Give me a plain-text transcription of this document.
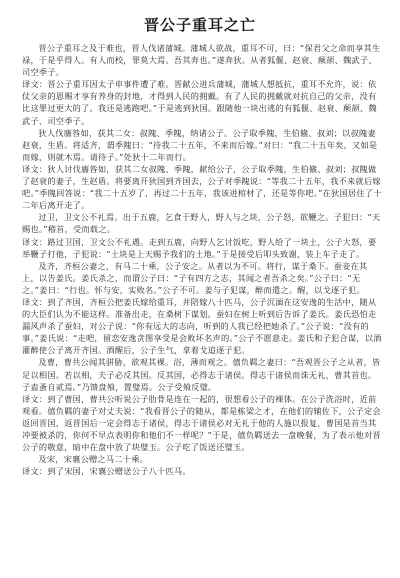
晋公子重耳之亡

晋公子重耳之及于难也，晋人伐诸蒲城。蒲城人欲战，重耳不可，曰：“保君父之命而享其生禄，于是乎得人。有人而校，罪莫大焉。吾其奔也。”遂奔狄。从者狐偃、赵衰、颠颉、魏武子、司空季子。

译文：晋公子重耳因太子申事件遭了难。晋献公进兵蒲城，蒲城人想抵抗，重耳不允许，说：依仗父亲的恩赐才享有养身的封地，才得到人民的拥戴。有了人民的拥戴就对抗自己的父亲，没有比这罪过更大的了。我还是逃跑吧。”于是逃到狄国。跟随他一块出逃的有狐偃、赵衰、颠颉、魏武子、司空季子。

狄人伐廧咎如，获其二女：叔隗、季隗，纳诸公子。公子取季隗，生伯鯈、叔刘；以叔隗妻赵衰，生盾。将适齐，谓季隗曰：“待我二十五年，不来而后嫁。”对曰：“我二十五年矣，又如是而嫁，则就木焉。请待子。”处狄十二年而行。

译文：狄人讨伐廧咎如，获其二女叔隗、季隗，献给公子，公子取季隗，生伯鯈、叔刘；叔隗做了赵衰的妻子，生赵盾。将要离开狄国到齐国去，公子对季隗说：“等我二十五年，我不来就后嫁吧。”季隗回答说：“我二十五岁了，再过二十五年，我该进棺材了，还是等你吧。”在狄国居住了十二年后离开走了。

过卫，卫文公不礼焉。出于五鹿，乞食于野人，野人与之块，公子怒，欲鞭之。子犯曰：“天赐也。”稽首，受而载之。

译文：路过卫国，卫文公不礼遇。走到五鹿，向野人乞讨饭吃，野人给了一块土，公子大怒，要举鞭子打他，子犯说：“土块是上天赐予我们的土地。”于是接受后叩头致谢，装上车子走了。

及齐，齐桓公妻之，有马二十乘，公子安之。从者以为不可。将行，谋于桑下。蚕妾在其上，以告姜氏。姜氏杀之，而谓公子曰：“子有四方之志，其闻之者吾杀之矣。”公子曰：“无之。”姜曰：“行也。怀与安，实败名。”公子不可。姜与子犯谋，醉而遣之。醒，以戈逐子犯。

译文：到了齐国，齐桓公把姜氏嫁给重耳，并陪嫁八十匹马，公子沉湎在这安逸的生活中，随从的大臣们认为不能这样。准备出走，在桑树下谋划。蚕妇在树上听到后告诉了姜氏。姜氏恐怕走漏风声杀了蚕妇，对公子说：“你有远大的志向，听到的人我已经把她杀了。”公子说：“没有的事。”姜氏说：“走吧，留恋安逸贪图享受是会败坏名声的。”公子不愿意走。姜氏和子犯合谋，以酒灌醉使公子离开齐国。酒醒后，公子生气，拿着戈追逐子犯。

及曹，曹共公闻其骈胁，欲观其裸。浴，薄而观之。僖负羁之妻曰：“吾观晋公子之从者，皆足以相国。若以相，夫子必反其国。反其国，必得志于诸侯。得志于诸侯而诛无礼，曹其首也。子盍蚤自贰焉。”乃馈盘飧，置璧焉。公子受飧反璧。

译文：到了曹国，曹共公听说公子肋骨是连在一起的，很想看公子的裸体。在公子洗浴时，近前观看。僖负羁的妻子对丈夫说：“我看晋公子的随从，都是栋梁之才，在他们的辅佐下，公子定会返回晋国，返晋国后一定会得志于诸侯，得志于诸侯必对无礼于他的人施以报复，曹国是首当其冲要被杀的，你何不早点表明你和他们不一样呢？”于是，僖负羁送去一盘晚餐，为了表示他对晋公子的敬意，暗中在盘中放了块璧玉。公子吃了饭送还璧玉。

及宋，宋襄公赠之马二十乘。

译文：到了宋国，宋襄公赠送公子八十匹马。
